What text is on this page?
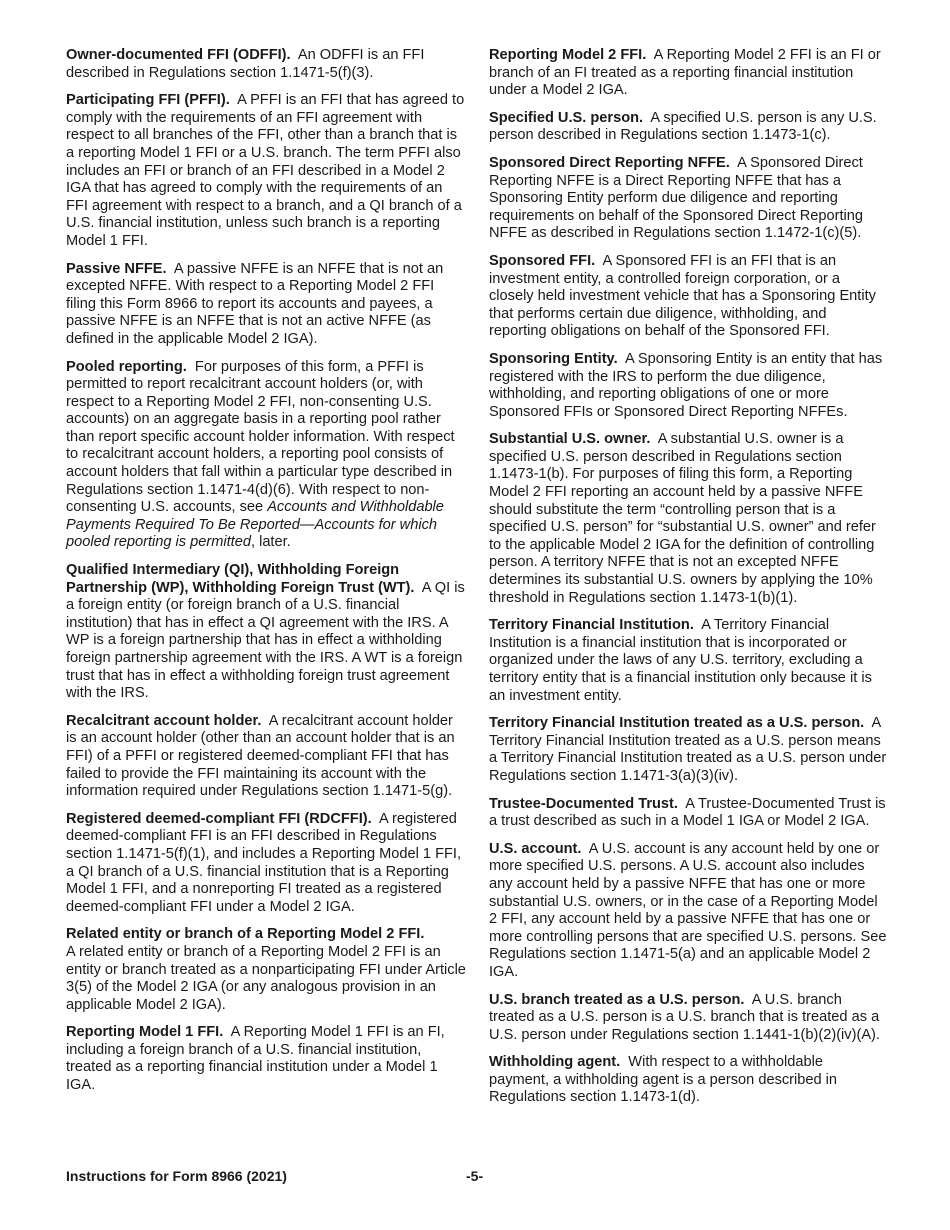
Owner-documented FFI (ODFFI). An ODFFI is an FFI described in Regulations section 1.1471-5(f)(3).

Participating FFI (PFFI). A PFFI is an FFI that has agreed to comply with the requirements of an FFI agreement with respect to all branches of the FFI, other than a branch that is a reporting Model 1 FFI or a U.S. branch. The term PFFI also includes an FFI or branch of an FFI described in a Model 2 IGA that has agreed to comply with the requirements of an FFI agreement with respect to a branch, and a QI branch of a U.S. financial institution, unless such branch is a reporting Model 1 FFI.

Passive NFFE. A passive NFFE is an NFFE that is not an excepted NFFE. With respect to a Reporting Model 2 FFI filing this Form 8966 to report its accounts and payees, a passive NFFE is an NFFE that is not an active NFFE (as defined in the applicable Model 2 IGA).

Pooled reporting. For purposes of this form, a PFFI is permitted to report recalcitrant account holders (or, with respect to a Reporting Model 2 FFI, non-consenting U.S. accounts) on an aggregate basis in a reporting pool rather than report specific account holder information. With respect to recalcitrant account holders, a reporting pool consists of account holders that fall within a particular type described in Regulations section 1.1471-4(d)(6). With respect to non-consenting U.S. accounts, see Accounts and Withholdable Payments Required To Be Reported—Accounts for which pooled reporting is permitted, later.

Qualified Intermediary (QI), Withholding Foreign Partnership (WP), Withholding Foreign Trust (WT). A QI is a foreign entity (or foreign branch of a U.S. financial institution) that has in effect a QI agreement with the IRS. A WP is a foreign partnership that has in effect a withholding foreign partnership agreement with the IRS. A WT is a foreign trust that has in effect a withholding foreign trust agreement with the IRS.

Recalcitrant account holder. A recalcitrant account holder is an account holder (other than an account holder that is an FFI) of a PFFI or registered deemed-compliant FFI that has failed to provide the FFI maintaining its account with the information required under Regulations section 1.1471-5(g).

Registered deemed-compliant FFI (RDCFFI). A registered deemed-compliant FFI is an FFI described in Regulations section 1.1471-5(f)(1), and includes a Reporting Model 1 FFI, a QI branch of a U.S. financial institution that is a Reporting Model 1 FFI, and a nonreporting FI treated as a registered deemed-compliant FFI under a Model 2 IGA.

Related entity or branch of a Reporting Model 2 FFI.
A related entity or branch of a Reporting Model 2 FFI is an entity or branch treated as a nonparticipating FFI under Article 3(5) of the Model 2 IGA (or any analogous provision in an applicable Model 2 IGA).

Reporting Model 1 FFI. A Reporting Model 1 FFI is an FI, including a foreign branch of a U.S. financial institution, treated as a reporting financial institution under a Model 1 IGA.

Reporting Model 2 FFI. A Reporting Model 2 FFI is an FI or branch of an FI treated as a reporting financial institution under a Model 2 IGA.

Specified U.S. person. A specified U.S. person is any U.S. person described in Regulations section 1.1473-1(c).

Sponsored Direct Reporting NFFE. A Sponsored Direct Reporting NFFE is a Direct Reporting NFFE that has a Sponsoring Entity perform due diligence and reporting requirements on behalf of the Sponsored Direct Reporting NFFE as described in Regulations section 1.1472-1(c)(5).

Sponsored FFI. A Sponsored FFI is an FFI that is an investment entity, a controlled foreign corporation, or a closely held investment vehicle that has a Sponsoring Entity that performs certain due diligence, withholding, and reporting obligations on behalf of the Sponsored FFI.

Sponsoring Entity. A Sponsoring Entity is an entity that has registered with the IRS to perform the due diligence, withholding, and reporting obligations of one or more Sponsored FFIs or Sponsored Direct Reporting NFFEs.

Substantial U.S. owner. A substantial U.S. owner is a specified U.S. person described in Regulations section 1.1473-1(b). For purposes of filing this form, a Reporting Model 2 FFI reporting an account held by a passive NFFE should substitute the term “controlling person that is a specified U.S. person” for “substantial U.S. owner” and refer to the applicable Model 2 IGA for the definition of controlling person. A territory NFFE that is not an excepted NFFE determines its substantial U.S. owners by applying the 10% threshold in Regulations section 1.1473-1(b)(1).

Territory Financial Institution. A Territory Financial Institution is a financial institution that is incorporated or organized under the laws of any U.S. territory, excluding a territory entity that is a financial institution only because it is an investment entity.

Territory Financial Institution treated as a U.S. person. A Territory Financial Institution treated as a U.S. person means a Territory Financial Institution treated as a U.S. person under Regulations section 1.1471-3(a)(3)(iv).

Trustee-Documented Trust. A Trustee-Documented Trust is a trust described as such in a Model 1 IGA or Model 2 IGA.

U.S. account. A U.S. account is any account held by one or more specified U.S. persons. A U.S. account also includes any account held by a passive NFFE that has one or more substantial U.S. owners, or in the case of a Reporting Model 2 FFI, any account held by a passive NFFE that has one or more controlling persons that are specified U.S. persons. See Regulations section 1.1471-5(a) and an applicable Model 2 IGA.

U.S. branch treated as a U.S. person. A U.S. branch treated as a U.S. person is a U.S. branch that is treated as a U.S. person under Regulations section 1.1441-1(b)(2)(iv)(A).

Withholding agent. With respect to a withholdable payment, a withholding agent is a person described in Regulations section 1.1473-1(d).

Instructions for Form 8966 (2021)	-5-
